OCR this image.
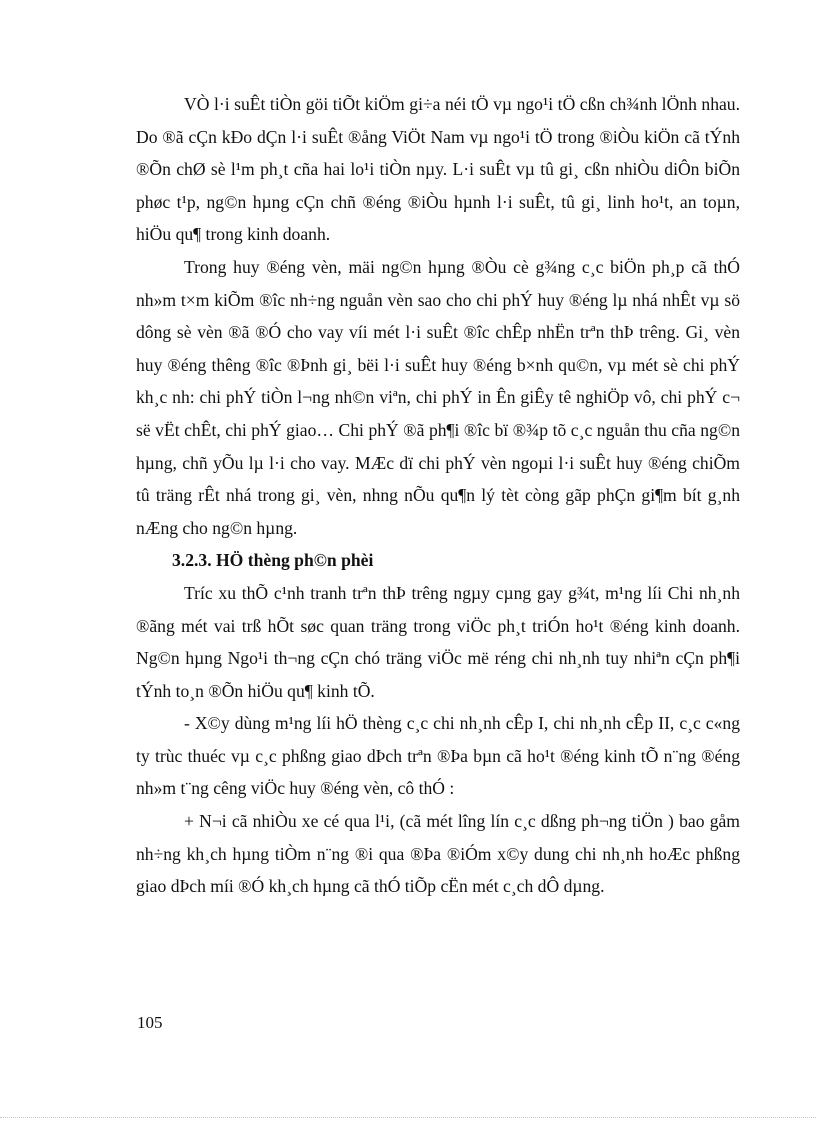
VÒ l·i suÊt tiÒn göi tiÕt kiÖm gi÷a néi tÖ vµ ngo¹i tÖ cßn ch¾nh lÖnh nhau. Do ®ã cÇn kÐo dÇn l·i suÊt ®ång ViÖt Nam vµ ngo¹i tÖ trong ®iÒu kiÖn cã tÝnh ®Õn chØ sè l¹m ph¸t cña hai lo¹i tiÒn nµy. L·i suÊt vµ tû gi¸ cßn nhiÒu diÔn biÕn phøc t¹p, ng©n hµng cÇn chñ ®éng ®iÒu hµnh l·i suÊt, tû gi¸ linh ho¹t, an toµn, hiÖu qu¶ trong kinh doanh.

Trong huy ®éng vèn, mäi ng©n hµng ®Òu cè g¾ng c¸c biÖn ph¸p cã thÓ nh»m t×m kiÕm ®îc nh÷ng nguån vèn sao cho chi phÝ huy ®éng lµ nhá nhÊt vµ sö dông sè vèn ®ã ®Ó cho vay víi mét l·i suÊt ®îc chÊp nhËn trªn thÞ trêng. Gi¸ vèn huy ®éng thêng ®îc ®Þnh gi¸ bëi l·i suÊt huy ®éng b×nh qu©n, vµ mét sè chi phÝ kh¸c nh: chi phÝ tiÒn l¬ng nh©n viªn, chi phÝ in Ên giÊy tê nghiÖp vô, chi phÝ c¬ së vËt chÊt, chi phÝ giao… Chi phÝ ®ã ph¶i ®îc bï ®¾p tõ c¸c nguån thu cña ng©n hµng, chñ yÕu lµ l·i cho vay. MÆc dï chi phÝ vèn ngoµi l·i suÊt huy ®éng chiÕm tû träng rÊt nhá trong gi¸ vèn, nhng nÕu qu¶n lý tèt còng gãp phÇn gi¶m bít g¸nh nÆng cho ng©n hµng.

3.2.3. HÖ thèng ph©n phèi

Tríc xu thÕ c¹nh tranh trªn thÞ trêng ngµy cµng gay g¾t, m¹ng líi Chi nh¸nh ®ãng mét vai trß hÕt søc quan träng trong viÖc ph¸t triÓn ho¹t ®éng kinh doanh. Ng©n hµng Ngo¹i th¬ng cÇn chó träng viÖc më réng chi nh¸nh tuy nhiªn cÇn ph¶i tÝnh to¸n ®Õn hiÖu qu¶ kinh tÕ.

- X©y dùng m¹ng líi hÖ thèng c¸c chi nh¸nh cÊp I, chi nh¸nh cÊp II, c¸c c«ng ty trùc thuéc vµ c¸c phßng giao dÞch trªn ®Þa bµn cã ho¹t ®éng kinh tÕ n¨ng ®éng nh»m t¨ng cêng viÖc huy ®éng vèn, cô thÓ :

+ N¬i cã nhiÒu xe cé qua l¹i, (cã mét lîng lín c¸c dßng ph¬ng tiÖn ) bao gåm nh÷ng kh¸ch hµng tiÒm n¨ng ®i qua ®Þa ®iÓm x©y dung chi nh¸nh hoÆc phßng giao dÞch míi ®Ó kh¸ch hµng cã thÓ tiÕp cËn mét c¸ch dÔ dµng.

105
